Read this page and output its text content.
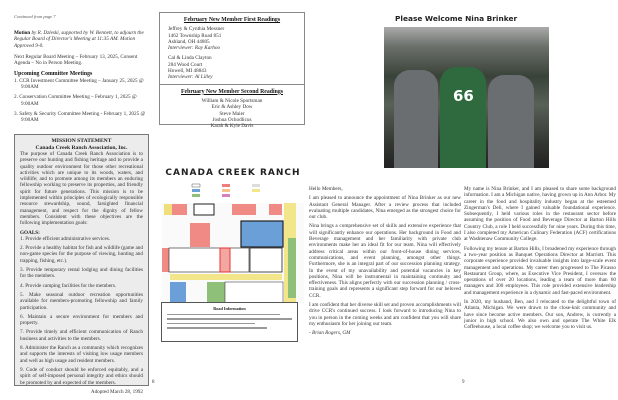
Continued from page 7

Motion by R. Dzleski, supported by W. Bennett, to adjourn the Regular Board of Director's Meeting at 11:35 AM. Motion Approved 9-0.

Next Regular Board Meeting – February 13, 2025, Consent Agenda – No in Person Meeting.

Upcoming Committee Meetings
1. CCR Investment Committee Meeting – January 25, 2025 @ 9:00AM
2. Conservation Committee Meeting – February 1, 2025 @ 9:00AM
3. Safety & Security Committee Meeting - February 1, 2025 @ 9:00AM
MISSION STATEMENT
Canada Creek Ranch Association, Inc.

The purpose of Canada Creek Ranch Association is to preserve our hunting and fishing heritage and to provide a quality outdoor environment for those other recreational activities which are unique to its woods, waters, and wildlife; and to promote among its members an enduring fellowship working to preserve its properties, and friendly spirit for future generations. This mission is to be implemented within principles of ecologically responsible resource stewardship, sound, farsighted financial management, and respect for the dignity of fellow members. Consistent with these objectives are the following implementation goals:

GOALS:

1. Provide efficient administrative services.

2. Provide a healthy habitat for fish and wildlife (game and non-game species for the purpose of viewing, hunting and trapping, fishing, etc.).

3. Provide temporary rental lodging and dining facilities for the members.

4. Provide camping facilities for the members.

5. Make seasonal outdoor recreation opportunities available for members-promoting fellowship and family participation.

6. Maintain a secure environment for members and property.

7. Provide timely and efficient communication of Ranch business and activities to the members.

8. Administer the Ranch as a community which recognizes and supports the interests of visiting low usage members and well as high usage and resident members.

9. Code of conduct should be enforced equitably, and a spirit of self-imposed personal integrity and ethics should be promoted by and expected of the members.

Adopted March 28, 1992
February New Member First Readings
Jeffrey & Cynthia Messner
1462 Township Road 851
Ashland, OH 44805
Interviewer: Ray Karhoo
Cal & Linda Clayton
284 Wood Court
Howell, MI 48843
Interviewer: Al Lilley
February New Member Second Readings
William & Nicole Sportsman
Eric & Ashley Dow
Steve Maier
Joshua Ochodlicus
Karah & Kyle Davis
CANADA CREEK RANCH
Road Information
8
Please Welcome Nina Brinker
66

Hello Members,

I am pleased to announce the appointment of Nina Brinker as our new Assistant General Manager. After a review process that included evaluating multiple candidates, Nina emerged as the strongest choice for our club.

Nina brings a comprehensive set of skills and extensive experience that will significantly enhance our operations. Her background in Food and Beverage management and her familiarity with private club environments make her an ideal fit for our team. Nina will effectively address critical areas within our front-of-house dining services, communications, and event planning, amongst other things. Furthermore, she is an integral part of our succession planning strategy. In the event of my unavailability and potential vacancies in key positions, Nina will be instrumental in maintaining continuity and effectiveness. This aligns perfectly with our succession planning / cross-training goals and represents a significant step forward for our beloved CCR.

I am confident that her diverse skill set and proven accomplishments will drive CCR's continued success. I look forward to introducing Nina to you in person in the coming weeks and am confident that you will share my enthusiasm for her joining our team.

- Brian Rogers, GM

My name is Nina Brinker, and I am pleased to share some background information. I am a Michigan native, having grown up in Ann Arbor. My career in the food and hospitality industry began at the esteemed Zingerman's Deli, where I gained valuable foundational experience. Subsequently, I held various roles in the restaurant sector before assuming the position of Food and Beverage Director at Barton Hills Country Club, a role I held successfully for nine years. During this time, I also completed my American Culinary Federation (ACF) certifications at Washtenaw Community College.

Following my tenure at Barton Hills, I broadened my experience through a two-year position as Banquet Operations Director at Marriott. This corporate experience provided invaluable insights into large-scale event management and operations. My career then progressed to The Picasso Restaurant Group, where, as Executive Vice President, I oversaw the operations of over 20 locations, leading a team of more than 60 managers and 300 employees. This role provided extensive leadership and management experience in a dynamic and fast-paced environment.

In 2020, my husband, Ben, and I relocated to the delightful town of Atlanta, Michigan. We were drawn to the close-knit community and have since become active members. Our son, Andrew, is currently a junior in high school. We also own and operate The White Elk Coffeehouse, a local coffee shop; we welcome you to visit us.

9
